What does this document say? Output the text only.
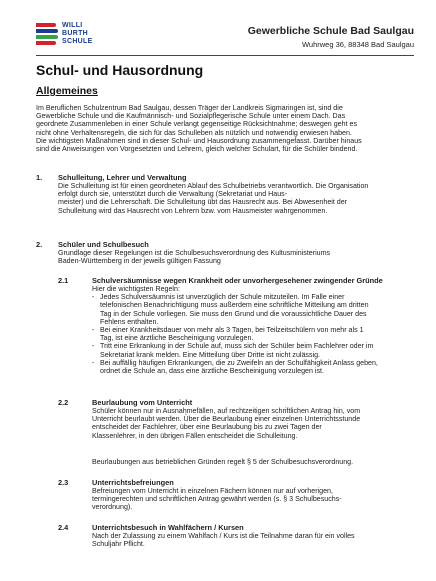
WILLI
BURTH
SCHULE
Gewerbliche Schule Bad Saulgau
Wuhrweg 36, 88348 Bad Saulgau
Schul- und Hausordnung
Allgemeines
Im Beruflichen Schulzentrum Bad Saulgau, dessen Träger der Landkreis Sigmaringen ist, sind die
Gewerbliche Schule und die Kaufmännisch- und Sozialpflegerische Schule unter einem Dach. Das
geordnete Zusammenleben in einer Schule verlangt gegenseitige Rücksichtnahme; deswegen geht es
nicht ohne Verhaltensregeln, die sich für das Schulleben als nützlich und notwendig erwiesen haben.
Die wichtigsten Maßnahmen sind in dieser Schul- und Hausordnung zusammengefasst. Darüber hinaus
sind die Anweisungen von Vorgesetzten und Lehrern, gleich welcher Schulart, für die Schüler bindend.
1. Schulleitung, Lehrer und Verwaltung
Die Schulleitung ist für einen geordneten Ablauf des Schulbetriebs verantwortlich. Die Organisation
erfolgt durch sie, unterstützt durch die Verwaltung (Sekretariat und Haus-
meister) und die Lehrerschaft. Die Schulleitung übt das Hausrecht aus. Bei Abwesenheit der
Schulleitung wird das Hausrecht von Lehrern bzw. vom Hausmeister wahrgenommen.
2. Schüler und Schulbesuch
Grundlage dieser Regelungen ist die Schulbesuchsverordnung des Kultusministeriums
Baden-Württemberg in der jeweils gültigen Fassung
2.1	Schulversäumnisse wegen Krankheit oder unvorhergesehener zwingender Gründe
Hier die wichtigsten Regeln:
- Jedes Schulversäumnis ist unverzüglich der Schule mitzuteilen. Im Falle einer
telefonischen Benachrichtigung muss außerdem eine schriftliche Mitteilung am dritten
Tag in der Schule vorliegen. Sie muss den Grund und die voraussichtliche Dauer des
Fehlens enthalten.
- Bei einer Krankheitsdauer von mehr als 3 Tagen, bei Teilzeitschülern von mehr als 1
Tag, ist eine ärztliche Bescheinigung vorzulegen.
- Tritt eine Erkrankung in der Schule auf, muss sich der Schüler beim Fachlehrer oder im
Sekretariat krank melden. Eine Mitteilung über Dritte ist nicht zulässig.
- Bei auffällig häufigen Erkrankungen, die zu Zweifeln an der Schulfähigkeit Anlass geben,
ordnet die Schule an, dass eine ärztliche Bescheinigung vorzulegen ist.
2.2	Beurlaubung vom Unterricht
Schüler können nur in Ausnahmefällen, auf rechtzeitigen schriftlichen Antrag hin, vom
Unterricht beurlaubt werden. Über die Beurlaubung einer einzelnen Unterrichtsstunde
entscheidet der Fachlehrer, über eine Beurlaubung bis zu zwei Tagen der
Klassenlehrer, in den übrigen Fällen entscheidet die Schulleitung.
Beurlaubungen aus betrieblichen Gründen regelt § 5 der Schulbesuchsverordnung.
2.3	Unterrichtsbefreiungen
Befreiungen vom Unterricht in einzelnen Fächern können nur auf vorherigen,
termingerechten und schriftlichen Antrag gewährt werden (s. § 3 Schulbesuchs-
verordnung).
2.4	Unterrichtsbesuch in Wahlfächern / Kursen
Nach der Zulassung zu einem Wahlfach / Kurs ist die Teilnahme daran für ein volles
Schuljahr Pflicht.
